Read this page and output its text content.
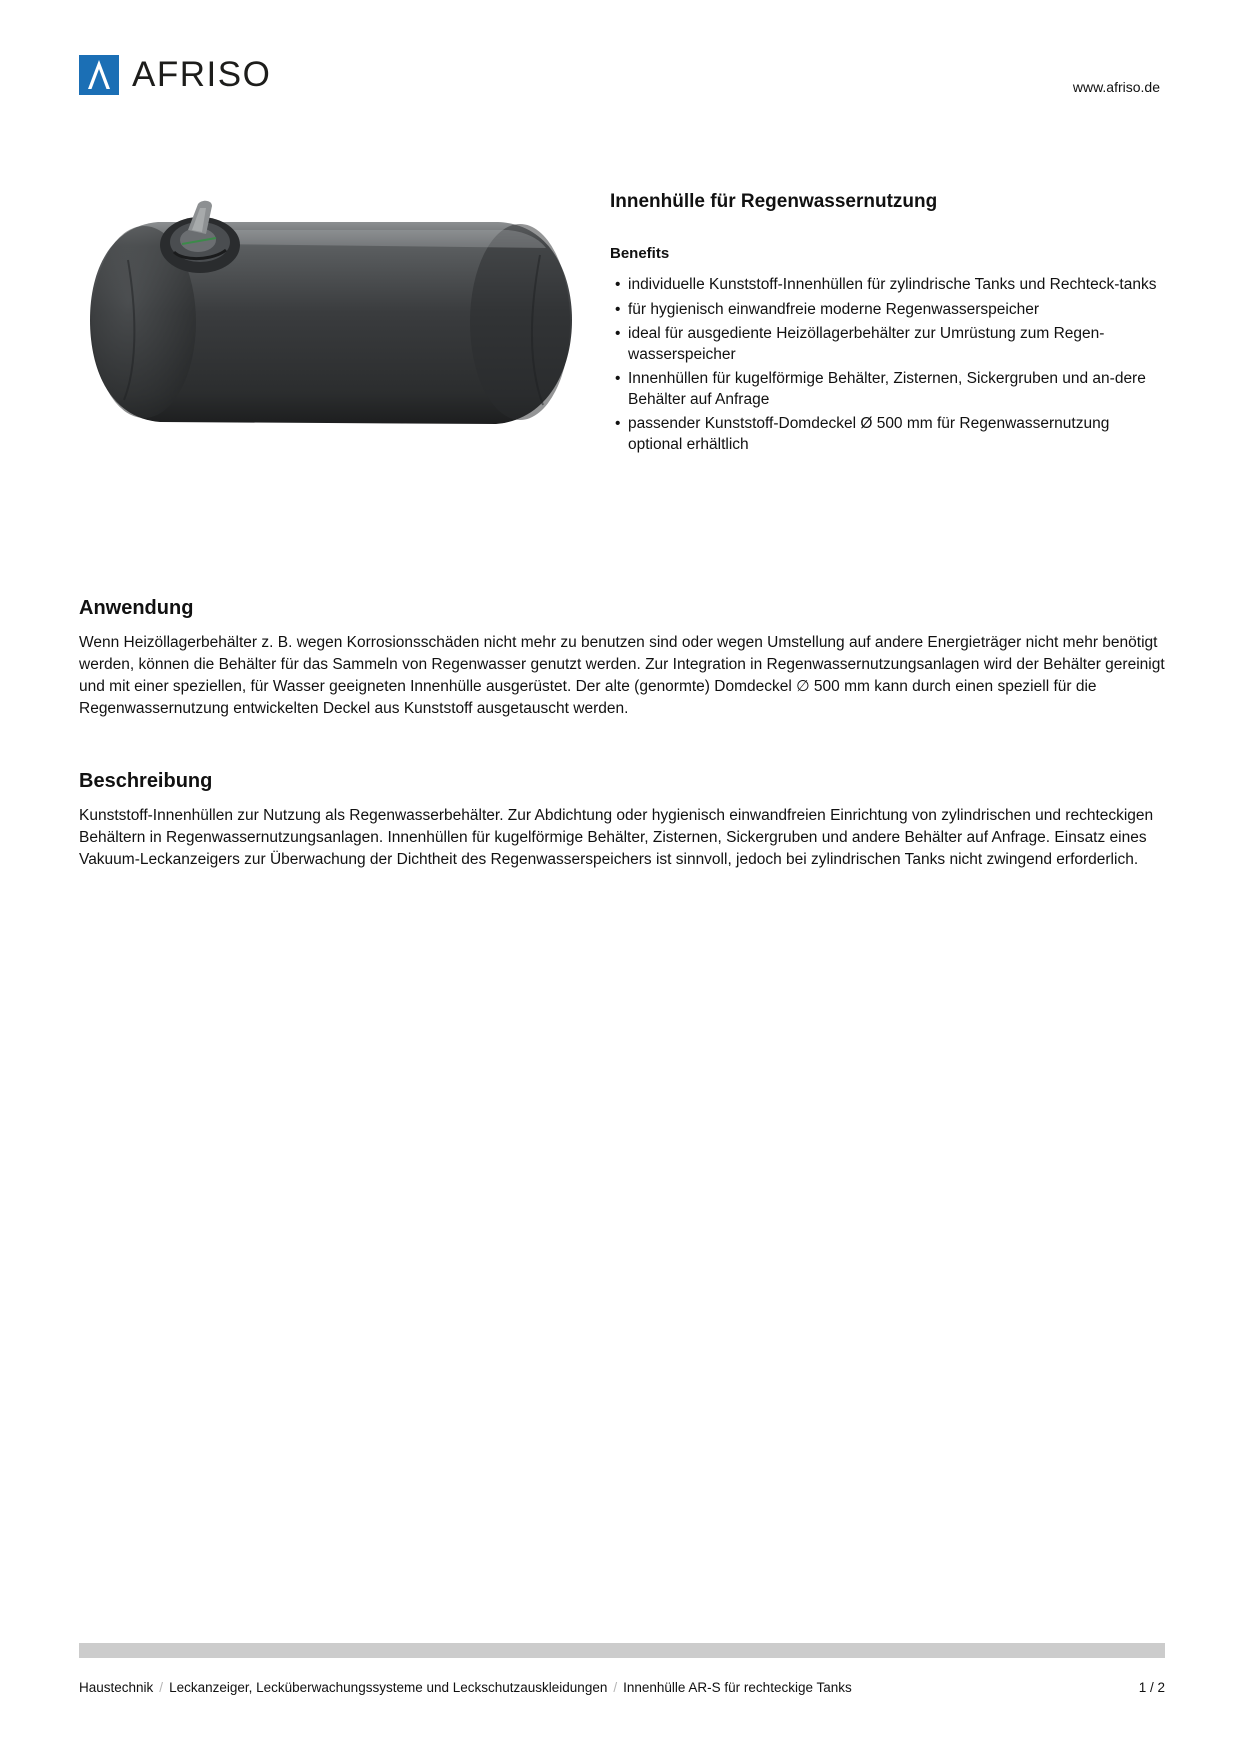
AFRISO	www.afriso.de
Innenhülle für Regenwassernutzung
Benefits
• individuelle Kunststoff-Innenhüllen für zylindrische Tanks und Rechteck-tanks
• für hygienisch einwandfreie moderne Regenwasserspeicher
• ideal für ausgediente Heizöllagerbehälter zur Umrüstung zum Regen-wasserspeicher
• Innenhüllen für kugelförmige Behälter, Zisternen, Sickergruben und an-dere Behälter auf Anfrage
• passender Kunststoff-Domdeckel Ø 500 mm für Regenwassernutzung optional erhältlich
Anwendung

Wenn Heizöllagerbehälter z. B. wegen Korrosionsschäden nicht mehr zu benutzen sind oder wegen Umstellung auf andere Energieträger nicht mehr benötigt werden, können die Behälter für das Sammeln von Regenwasser genutzt werden. Zur Integration in Regenwassernutzungsanlagen wird der Behälter gereinigt und mit einer speziellen, für Wasser geeigneten Innenhülle ausgerüstet. Der alte (genormte) Domdeckel ∅ 500 mm kann durch einen speziell für die Regenwassernutzung entwickelten Deckel aus Kunststoff ausgetauscht werden.

Beschreibung

Kunststoff-Innenhüllen zur Nutzung als Regenwasserbehälter. Zur Abdichtung oder hygienisch einwandfreien Einrichtung von zylindrischen und rechteckigen Behältern in Regenwassernutzungsanlagen. Innenhüllen für kugelförmige Behälter, Zisternen, Sickergruben und andere Behälter auf Anfrage. Einsatz eines Vakuum-Leckanzeigers zur Überwachung der Dichtheit des Regenwasserspeichers ist sinnvoll, jedoch bei zylindrischen Tanks nicht zwingend erforderlich.

Haustechnik / Leckanzeiger, Lecküberwachungssysteme und Leckschutzauskleidungen / Innenhülle AR-S für rechteckige Tanks	1 / 2
